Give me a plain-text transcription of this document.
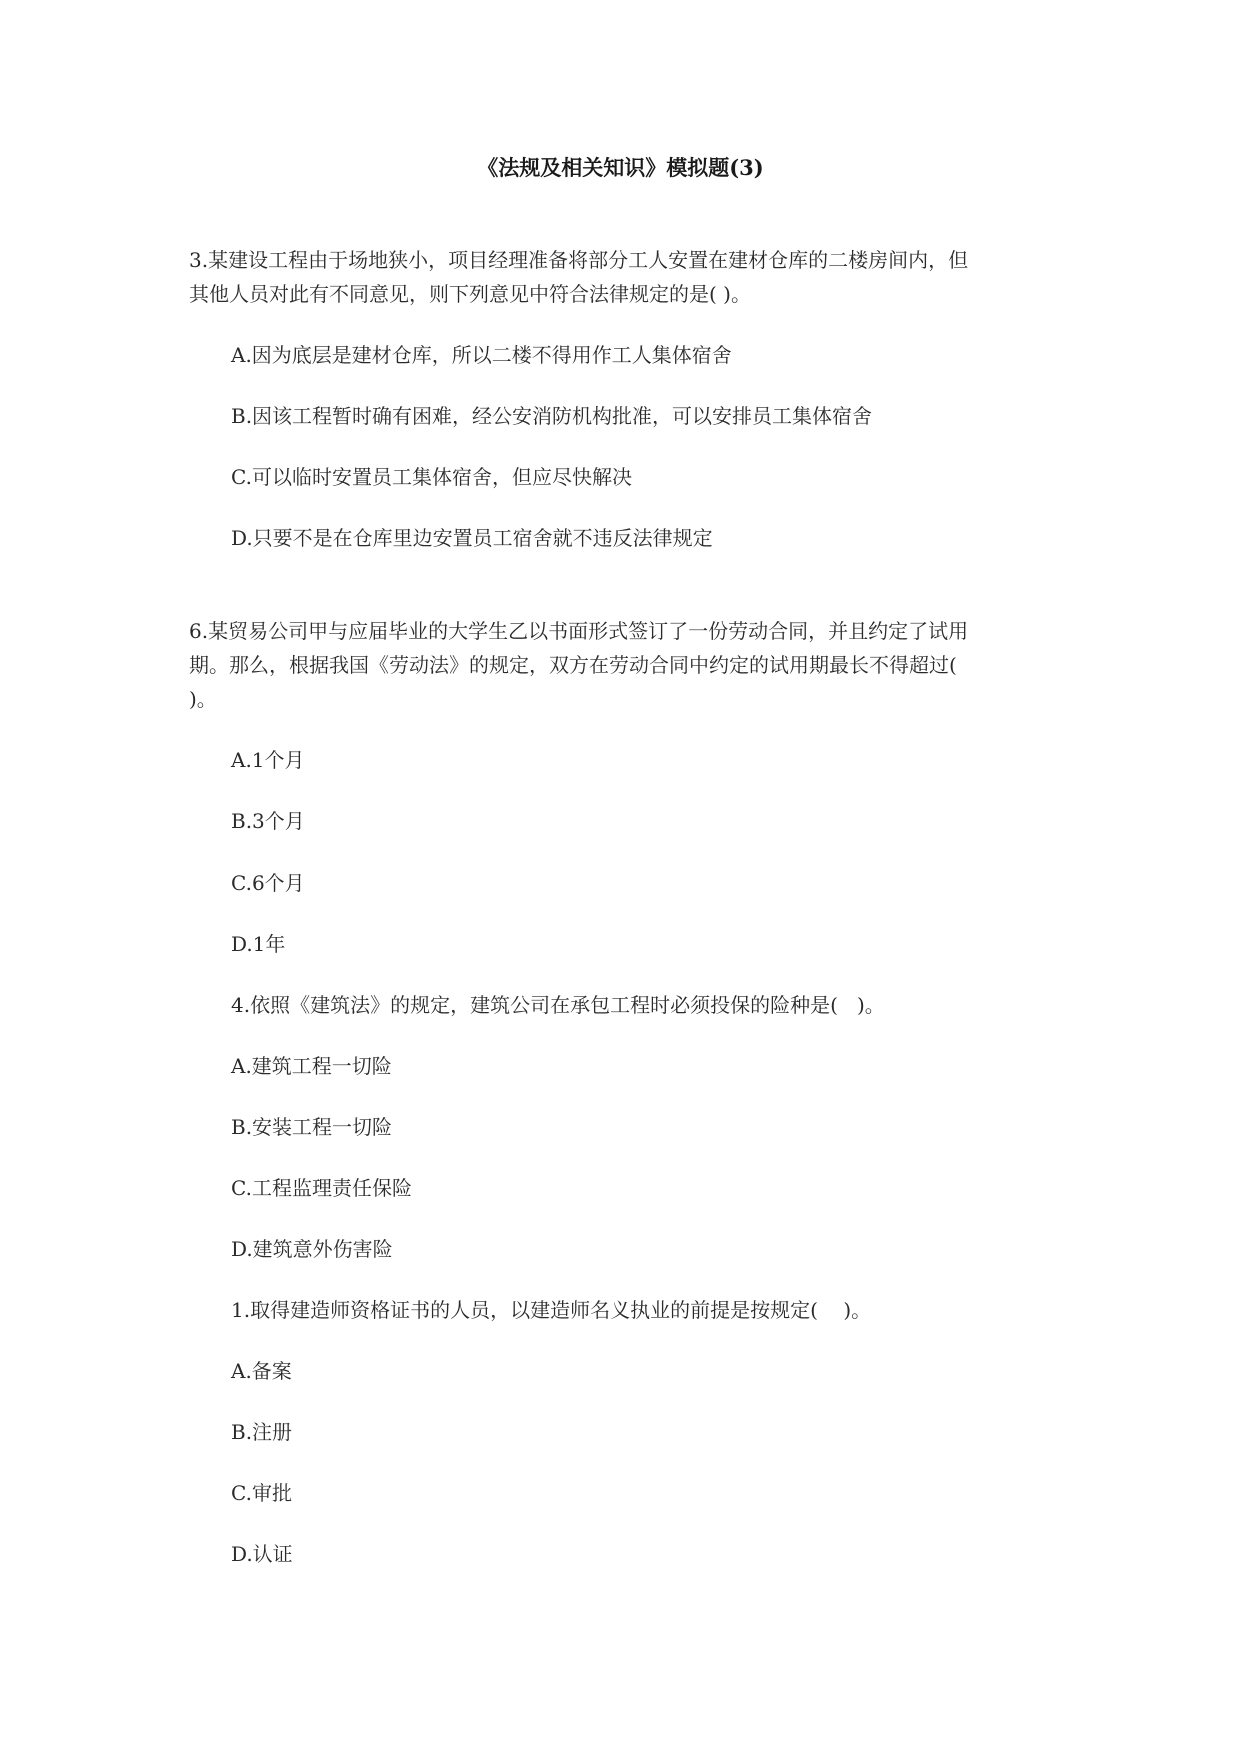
《法规及相关知识》模拟题(3)
3.某建设工程由于场地狭小，项目经理准备将部分工人安置在建材仓库的二楼房间内，但
其他人员对此有不同意见，则下列意见中符合法律规定的是( )。
A.因为底层是建材仓库，所以二楼不得用作工人集体宿舍
B.因该工程暂时确有困难，经公安消防机构批准，可以安排员工集体宿舍
C.可以临时安置员工集体宿舍，但应尽快解决
D.只要不是在仓库里边安置员工宿舍就不违反法律规定
6.某贸易公司甲与应届毕业的大学生乙以书面形式签订了一份劳动合同，并且约定了试用
期。那么，根据我国《劳动法》的规定，双方在劳动合同中约定的试用期最长不得超过(
)。
A.1个月
B.3个月
C.6个月
D.1年
4.依照《建筑法》的规定，建筑公司在承包工程时必须投保的险种是(   )。
A.建筑工程一切险
B.安装工程一切险
C.工程监理责任保险
D.建筑意外伤害险
1.取得建造师资格证书的人员，以建造师名义执业的前提是按规定(    )。
A.备案
B.注册
C.审批
D.认证
